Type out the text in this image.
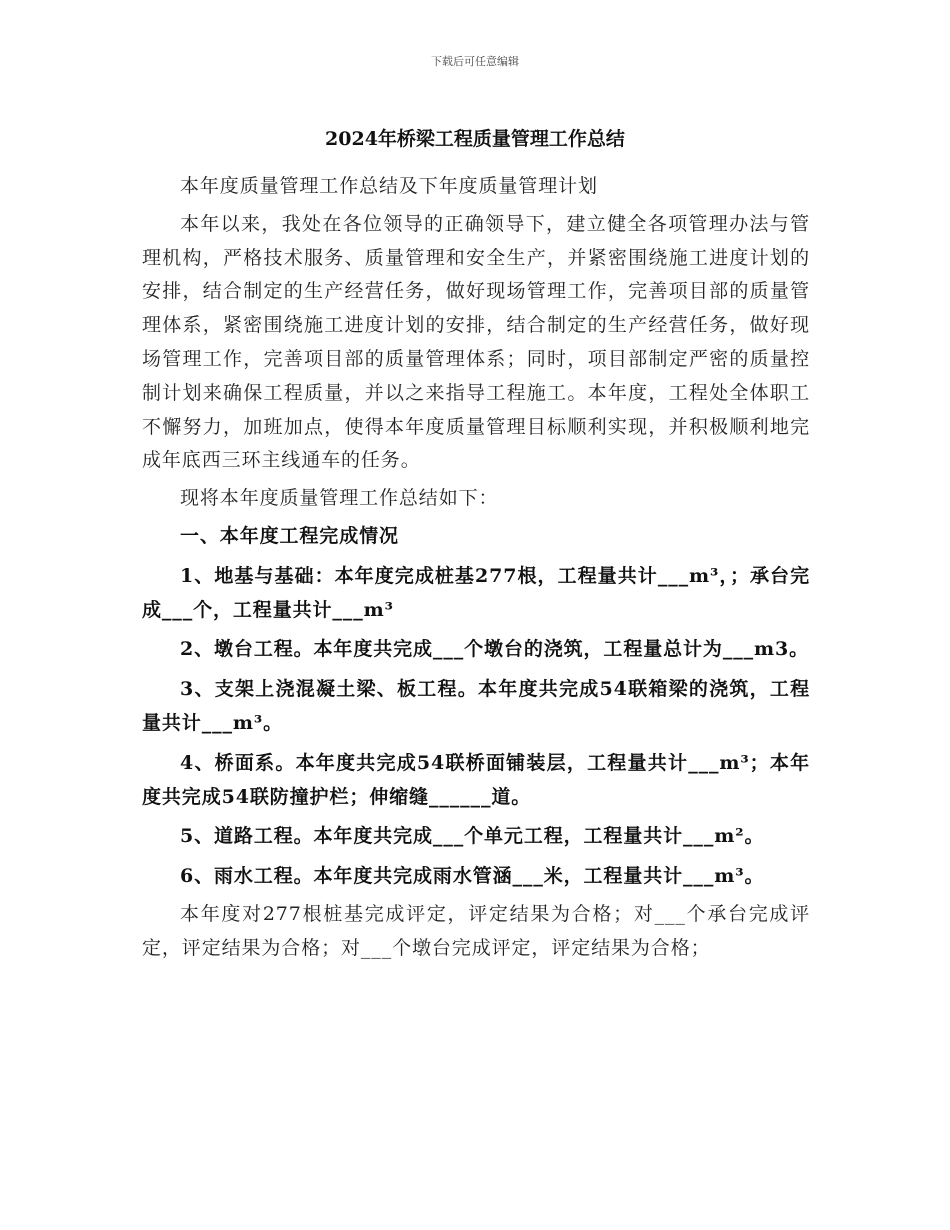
下载后可任意编辑
2024年桥梁工程质量管理工作总结

本年度质量管理工作总结及下年度质量管理计划

本年以来，我处在各位领导的正确领导下，建立健全各项管理办法与管理机构，严格技术服务、质量管理和安全生产，并紧密围绕施工进度计划的安排，结合制定的生产经营任务，做好现场管理工作，完善项目部的质量管理体系，紧密围绕施工进度计划的安排，结合制定的生产经营任务，做好现场管理工作，完善项目部的质量管理体系；同时，项目部制定严密的质量控制计划来确保工程质量，并以之来指导工程施工。本年度，工程处全体职工不懈努力，加班加点，使得本年度质量管理目标顺利实现，并积极顺利地完成年底西三环主线通车的任务。

现将本年度质量管理工作总结如下：

一、本年度工程完成情况

1、地基与基础：本年度完成桩基277根，工程量共计___m³，；承台完成___个，工程量共计___m³

2、墩台工程。本年度共完成___个墩台的浇筑，工程量总计为___m3。

3、支架上浇混凝土梁、板工程。本年度共完成54联箱梁的浇筑，工程量共计___m³。

4、桥面系。本年度共完成54联桥面铺装层，工程量共计___m³；本年度共完成54联防撞护栏；伸缩缝______道。

5、道路工程。本年度共完成___个单元工程，工程量共计___m²。

6、雨水工程。本年度共完成雨水管涵___米，工程量共计___m³。

本年度对277根桩基完成评定，评定结果为合格；对___个承台完成评定，评定结果为合格；对___个墩台完成评定，评定结果为合格；
